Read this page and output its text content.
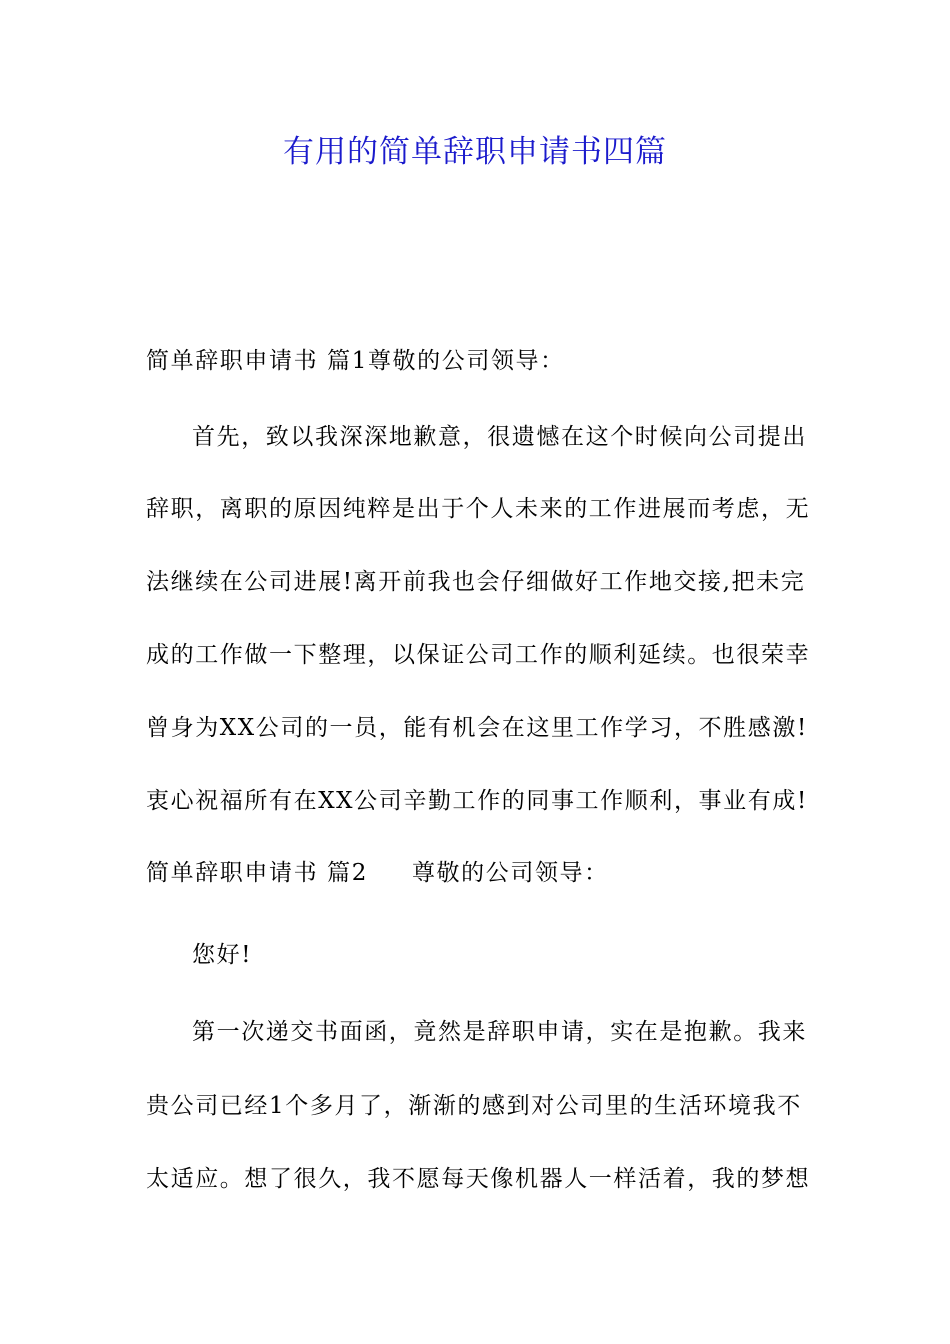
有用的简单辞职申请书四篇
简单辞职申请书 篇1尊敬的公司领导：
首先，致以我深深地歉意，很遗憾在这个时候向公司提出
辞职，离职的原因纯粹是出于个人未来的工作进展而考虑，无
法继续在公司进展!离开前我也会仔细做好工作地交接,把未完
成的工作做一下整理，以保证公司工作的顺利延续。也很荣幸
曾身为XX公司的一员，能有机会在这里工作学习，不胜感激!
衷心祝福所有在XX公司辛勤工作的同事工作顺利，事业有成!
简单辞职申请书 篇2 尊敬的公司领导：
您好!
第一次递交书面函，竟然是辞职申请，实在是抱歉。我来
贵公司已经1个多月了，渐渐的感到对公司里的生活环境我不
太适应。想了很久，我不愿每天像机器人一样活着，我的梦想
